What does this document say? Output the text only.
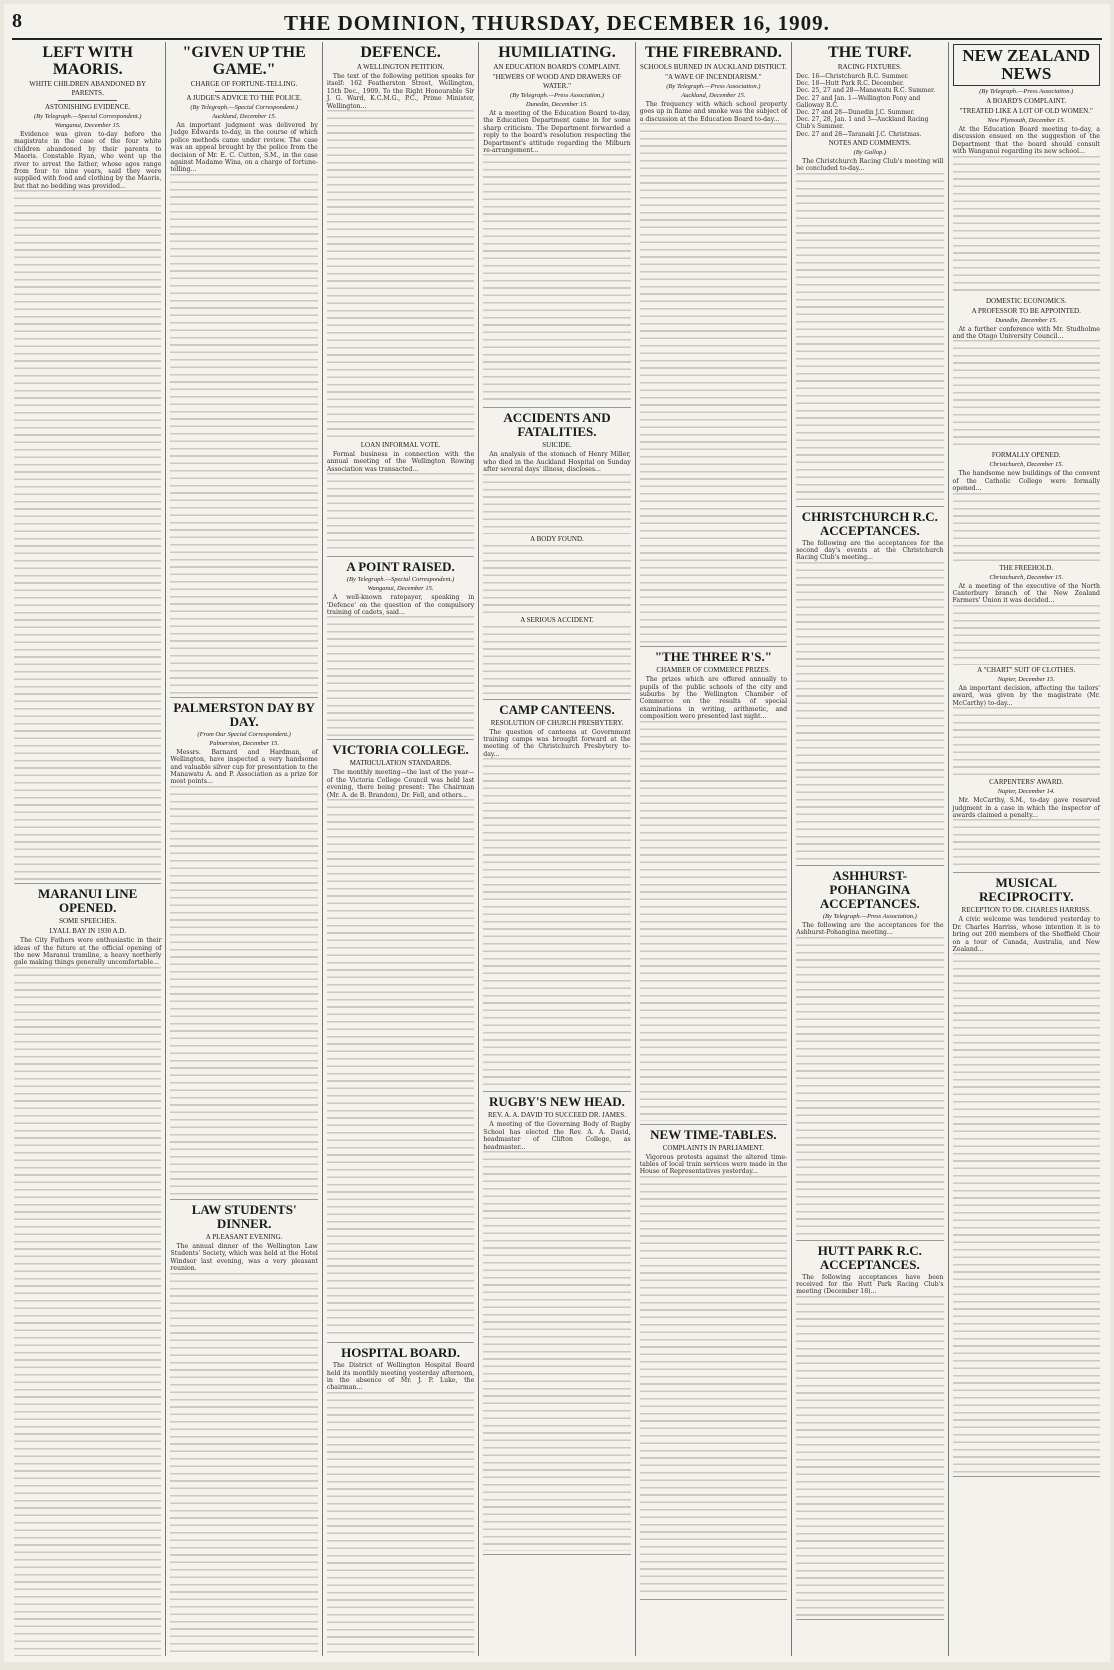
8	THE DOMINION, THURSDAY, DECEMBER 16, 1909.
LEFT WITH MAORIS.
WHITE CHILDREN ABANDONED BY PARENTS.
ASTONISHING EVIDENCE.
(By Telegraph.—Special Correspondent.)
Wanganui, December 15.

Evidence was given to-day before the magistrate in the case of the four white children abandoned by their parents to Maoris. Constable Ryan, who went up the river to arrest the father, whose ages range from four to nine years, said they were supplied with food and clothing by the Maoris, but that no bedding was provided...

MARANUI LINE OPENED.
SOME SPEECHES.
LYALL BAY IN 1930 A.D.

The City Fathers were enthusiastic in their ideas of the future at the official opening of the new Maranui tramline, a heavy northerly gale making things generally uncomfortable...

"GIVEN UP THE GAME."
CHARGE OF FORTUNE-TELLING.
A JUDGE'S ADVICE TO THE POLICE.
(By Telegraph.—Special Correspondent.)
Auckland, December 15.

An important judgment was delivered by Judge Edwards to-day, in the course of which police methods came under review. The case was an appeal brought by the police from the decision of Mr. E. C. Cutten, S.M., in the case against Madame Wina, on a charge of fortune-telling...

PALMERSTON DAY BY DAY.
(From Our Special Correspondent.)
Palmerston, December 15.

Messrs. Barnard and Hardman, of Wellington, have inspected a very handsome and valuable silver cup for presentation to the Manawatu A. and P. Association as a prize for most points...

LAW STUDENTS' DINNER.
A PLEASANT EVENING.

The annual dinner of the Wellington Law Students' Society, which was held at the Hotel Windsor last evening, was a very pleasant reunion.

DEFENCE.
A WELLINGTON PETITION.

The text of the following petition speaks for itself: 162 Featherston Street, Wellington, 15th Dec., 1909. To the Right Honourable Sir J. G. Ward, K.C.M.G., P.C., Prime Minister, Wellington...

LOAN INFORMAL VOTE.

Formal business in connection with the annual meeting of the Wellington Rowing Association was transacted...

A POINT RAISED.
(By Telegraph.—Special Correspondent.)
Wanganui, December 15.

A well-known ratepayer, speaking in 'Defence' on the question of the compulsory training of cadets, said...

VICTORIA COLLEGE.
MATRICULATION STANDARDS.

The monthly meeting—the last of the year—of the Victoria College Council was held last evening, there being present: The Chairman (Mr. A. de B. Brandon), Dr. Fell, and others...

HOSPITAL BOARD.

The District of Wellington Hospital Board held its monthly meeting yesterday afternoon, in the absence of Mr. J. P. Luke, the chairman...

HUMILIATING.
AN EDUCATION BOARD'S COMPLAINT.
"HEWERS OF WOOD AND DRAWERS OF WATER."
(By Telegraph.—Press Association.)
Dunedin, December 15.

At a meeting of the Education Board to-day, the Education Department came in for some sharp criticism. The Department forwarded a reply to the board's resolution respecting the Department's attitude regarding the Milburn re-arrangement...

ACCIDENTS AND FATALITIES.
SUICIDE.

An analysis of the stomach of Henry Miller, who died in the Auckland Hospital on Sunday after several days' illness, discloses...

A BODY FOUND.
A SERIOUS ACCIDENT.
CAMP CANTEENS.
RESOLUTION OF CHURCH PRESBYTERY.

The question of canteens at Government training camps was brought forward at the meeting of the Christchurch Presbytery to-day...

RUGBY'S NEW HEAD.
REV. A. A. DAVID TO SUCCEED DR. JAMES.

A meeting of the Governing Body of Rugby School has elected the Rev. A. A. David, headmaster of Clifton College, as headmaster...

THE FIREBRAND.
SCHOOLS BURNED IN AUCKLAND DISTRICT.
"A WAVE OF INCENDIARISM."
(By Telegraph.—Press Association.)
Auckland, December 15.

The frequency with which school property goes up in flame and smoke was the subject of a discussion at the Education Board to-day...

"THE THREE R'S."
CHAMBER OF COMMERCE PRIZES.

The prizes which are offered annually to pupils of the public schools of the city and suburbs by the Wellington Chamber of Commerce on the results of special examinations in writing, arithmetic, and composition were presented last night...

NEW TIME-TABLES.
COMPLAINTS IN PARLIAMENT.

Vigorous protests against the altered time-tables of local train services were made in the House of Representatives yesterday...

THE TURF.
RACING FIXTURES.

Dec. 16—Christchurch R.C. Summer.

Dec. 18—Hutt Park R.C. December.

Dec. 25, 27 and 28—Manawatu R.C. Summer.

Dec. 27 and Jan. 1—Wellington Pony and Galloway R.C.

Dec. 27 and 28—Dunedin J.C. Summer.

Dec. 27, 28, Jan. 1 and 3—Auckland Racing Club's Summer.

Dec. 27 and 28—Taranaki J.C. Christmas.

NOTES AND COMMENTS.
(By Gallop.)

The Christchurch Racing Club's meeting will be concluded to-day...

CHRISTCHURCH R.C. ACCEPTANCES.

The following are the acceptances for the second day's events at the Christchurch Racing Club's meeting...

ASHHURST-POHANGINA ACCEPTANCES.
(By Telegraph.—Press Association.)

The following are the acceptances for the Ashhurst-Pohangina meeting...

HUTT PARK R.C. ACCEPTANCES.

The following acceptances have been received for the Hutt Park Racing Club's meeting (December 18)...

NEW ZEALAND NEWS
(By Telegraph.—Press Association.)
A BOARD'S COMPLAINT.
"TREATED LIKE A LOT OF OLD WOMEN."
New Plymouth, December 15.

At the Education Board meeting to-day, a discussion ensued on the suggestion of the Department that the board should consult with Wanganui regarding its new school...

DOMESTIC ECONOMICS.
A PROFESSOR TO BE APPOINTED.
Dunedin, December 15.

At a further conference with Mr. Studholme and the Otago University Council...

FORMALLY OPENED.
Christchurch, December 15.

The handsome new buildings of the convent of the Catholic College were formally opened...

THE FREEHOLD.
Christchurch, December 15.

At a meeting of the executive of the North Canterbury branch of the New Zealand Farmers' Union it was decided...

A "CHART" SUIT OF CLOTHES.
Napier, December 15.

An important decision, affecting the tailors' award, was given by the magistrate (Mr. McCarthy) to-day...

CARPENTERS' AWARD.
Napier, December 14.

Mr. McCarthy, S.M., to-day gave reserved judgment in a case in which the inspector of awards claimed a penalty...

MUSICAL RECIPROCITY.
RECEPTION TO DR. CHARLES HARRISS.

A civic welcome was tendered yesterday to Dr. Charles Harriss, whose intention it is to bring out 200 members of the Sheffield Choir on a tour of Canada, Australia, and New Zealand...
